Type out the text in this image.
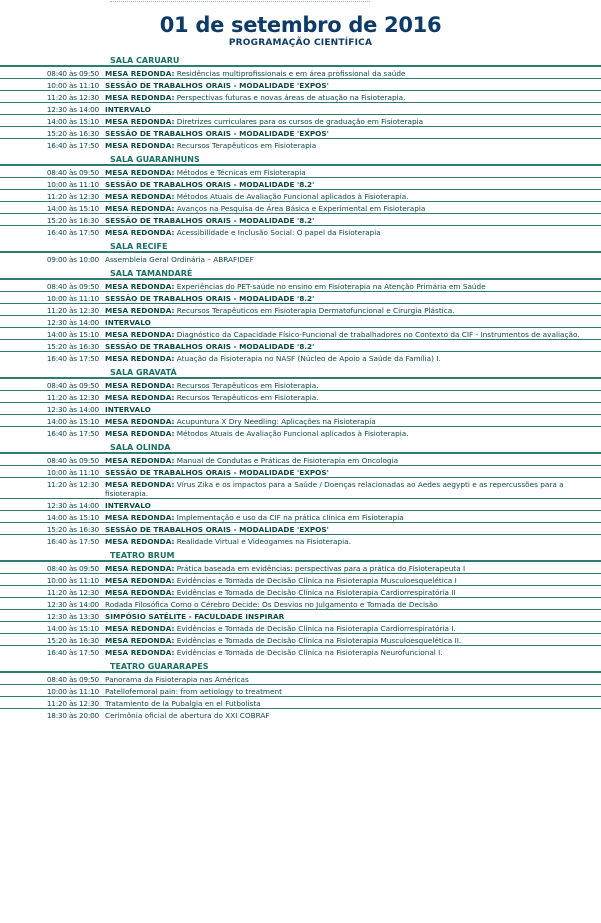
01 de setembro de 2016
PROGRAMAÇÃO CIENTÍFICA
SALA CARUARU
08:40 às 09:50 MESA REDONDA: Residências multiprofissionais e em área profissional da saúde
10:00 às 11:10 SESSÃO DE TRABALHOS ORAIS - MODALIDADE 'EXPOS'
11:20 às 12:30 MESA REDONDA: Perspectivas futuras e novas áreas de atuação na Fisioterapia.
12:30 às 14:00 INTERVALO
14:00 às 15:10 MESA REDONDA: Diretrizes curriculares para os cursos de graduação em Fisioterapia
15:20 às 16:30 SESSÃO DE TRABALHOS ORAIS - MODALIDADE 'EXPOS'
16:40 às 17:50 MESA REDONDA: Recursos Terapêuticos em Fisioterapia
SALA GUARANHUNS
08:40 às 09:50 MESA REDONDA: Métodos e Técnicas em Fisioterapia
10:00 às 11:10 SESSÃO DE TRABALHOS ORAIS - MODALIDADE '8.2'
11:20 às 12:30 MESA REDONDA: Métodos Atuais de Avaliação Funcional aplicados à Fisioterapia.
14:00 às 15:10 MESA REDONDA: Avanços na Pesquisa de Área Básica e Experimental em Fisioterapia
15:20 às 16:30 SESSÃO DE TRABALHOS ORAIS - MODALIDADE '8.2'
16:40 às 17:50 MESA REDONDA: Acessibilidade e Inclusão Social: O papel da Fisioterapia
SALA RECIFE
09:00 às 10:00 Assembleia Geral Ordinária – ABRAFIDEF
SALA TAMANDARÉ
08:40 às 09:50 MESA REDONDA: Experiências do PET-saúde no ensino em Fisioterapia na Atenção Primária em Saúde
10:00 às 11:10 SESSÃO DE TRABALHOS ORAIS - MODALIDADE '8.2'
11:20 às 12:30 MESA REDONDA: Recursos Terapêuticos em Fisioterapia Dermatofuncional e Cirurgia Plástica.
12:30 às 14:00 INTERVALO
14:00 às 15:10 MESA REDONDA: Diagnóstico da Capacidade Físico-Funcional de trabalhadores no Contexto da CIF - Instrumentos de avaliação.
15:20 às 16:30 SESSÃO DE TRABALHOS ORAIS - MODALIDADE '8.2'
16:40 às 17:50 MESA REDONDA: Atuação da Fisioterapia no NASF (Núcleo de Apoio a Saúde da Família) I.
SALA GRAVATÁ
08:40 às 09:50 MESA REDONDA: Recursos Terapêuticos em Fisioterapia.
11:20 às 12:30 MESA REDONDA: Recursos Terapêuticos em Fisioterapia.
12:30 às 14:00 INTERVALO
14:00 às 15:10 MESA REDONDA: Acupuntura X Dry Needling: Aplicações na Fisioterapia
16:40 às 17:50 MESA REDONDA: Métodos Atuais de Avaliação Funcional aplicados à Fisioterapia.
SALA OLINDA
08:40 às 09:50 MESA REDONDA: Manual de Condutas e Práticas de Fisioterapia em Oncologia
10:00 às 11:10 SESSÃO DE TRABALHOS ORAIS - MODALIDADE 'EXPOS'
11:20 às 12:30 MESA REDONDA: Vírus Zika e os impactos para a Saúde / Doenças relacionadas ao Aedes aegypti e as repercussões para a fisioterapia.
12:30 às 14:00 INTERVALO
14:00 às 15:10 MESA REDONDA: Implementação e uso da CIF na prática clínica em Fisioterapia
15:20 às 16:30 SESSÃO DE TRABALHOS ORAIS - MODALIDADE 'EXPOS'
16:40 às 17:50 MESA REDONDA: Realidade Virtual e Videogames na Fisioterapia.
TEATRO BRUM
08:40 às 09:50 MESA REDONDA: Prática baseada em evidências: perspectivas para a prática do Fisioterapeuta I
10:00 às 11:10 MESA REDONDA: Evidências e Tomada de Decisão Clínica na Fisioterapia Musculoesquelética I
11:20 às 12:30 MESA REDONDA: Evidências e Tomada de Decisão Clínica na Fisioterapia Cardiorrespiratória II
12:30 às 14:00 Rodada Filosófica Como o Cérebro Decide: Os Desvios no Julgamento e Tomada de Decisão
12:30 às 13:30 SIMPÓSIO SATÉLITE - FACULDADE INSPIRAR
14:00 às 15:10 MESA REDONDA: Evidências e Tomada de Decisão Clínica na Fisioterapia Cardiorrespiratória I.
15:20 às 16:30 MESA REDONDA: Evidências e Tomada de Decisão Clínica na Fisioterapia Musculoesquelética II.
16:40 às 17:50 MESA REDONDA: Evidências e Tomada de Decisão Clínica na Fisioterapia Neurofuncional I.
TEATRO GUARARAPES
08:40 às 09:50 Panorama da Fisioterapia nas Américas
10:00 às 11:10 Patellofemoral pain: from aetiology to treatment
11:20 às 12:30 Tratamiento de la Pubalgia en el Futbolista
18:30 às 20:00 Cerimônia oficial de abertura do XXI COBRAF
